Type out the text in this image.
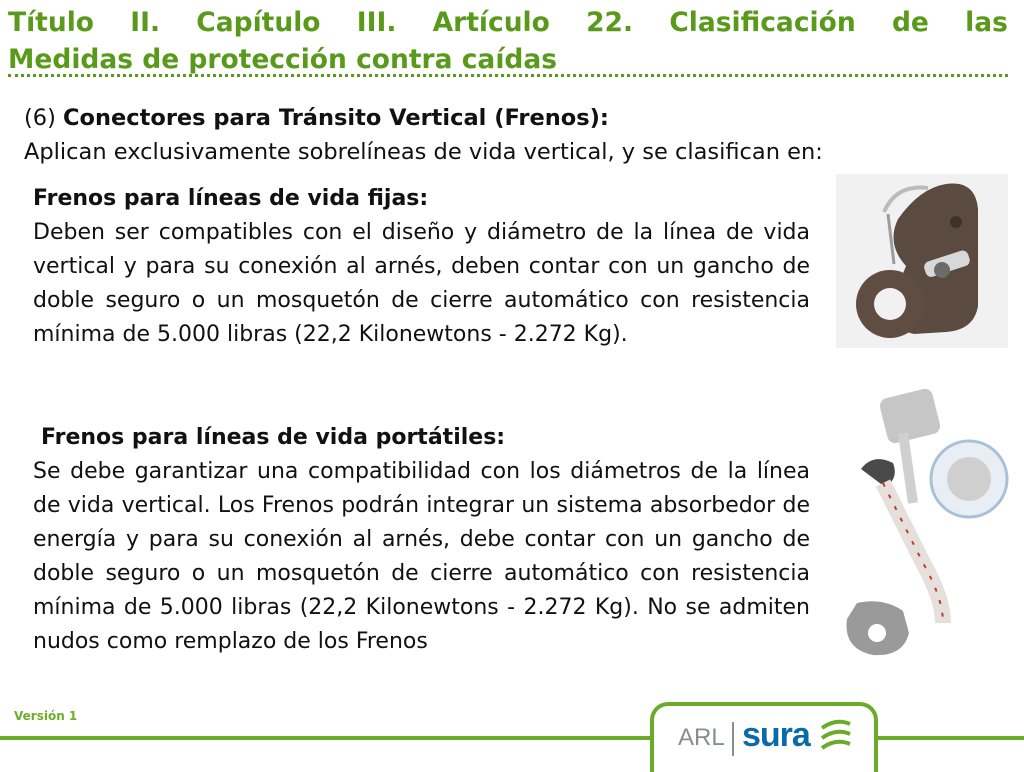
Título II. Capítulo III. Artículo 22. Clasificación de las
Medidas de protección contra caídas
(6) Conectores para Tránsito Vertical (Frenos):
Aplican exclusivamente sobrelíneas de vida vertical, y se clasifican en:
Frenos para líneas de vida fijas:
Deben ser compatibles con el diseño y diámetro de la línea de vida vertical y para su conexión al arnés, deben contar con un gancho de doble seguro o un mosquetón de cierre automático con resistencia mínima de 5.000 libras (22,2 Kilonewtons - 2.272 Kg).
Frenos para líneas de vida portátiles:
Se debe garantizar una compatibilidad con los diámetros de la línea de vida vertical. Los Frenos podrán integrar un sistema absorbedor de energía y para su conexión al arnés, debe contar con un gancho de doble seguro o un mosquetón de cierre automático con resistencia mínima de 5.000 libras (22,2 Kilonewtons - 2.272 Kg). No se admiten nudos como remplazo de los Frenos
Versión 1
ARL sura
